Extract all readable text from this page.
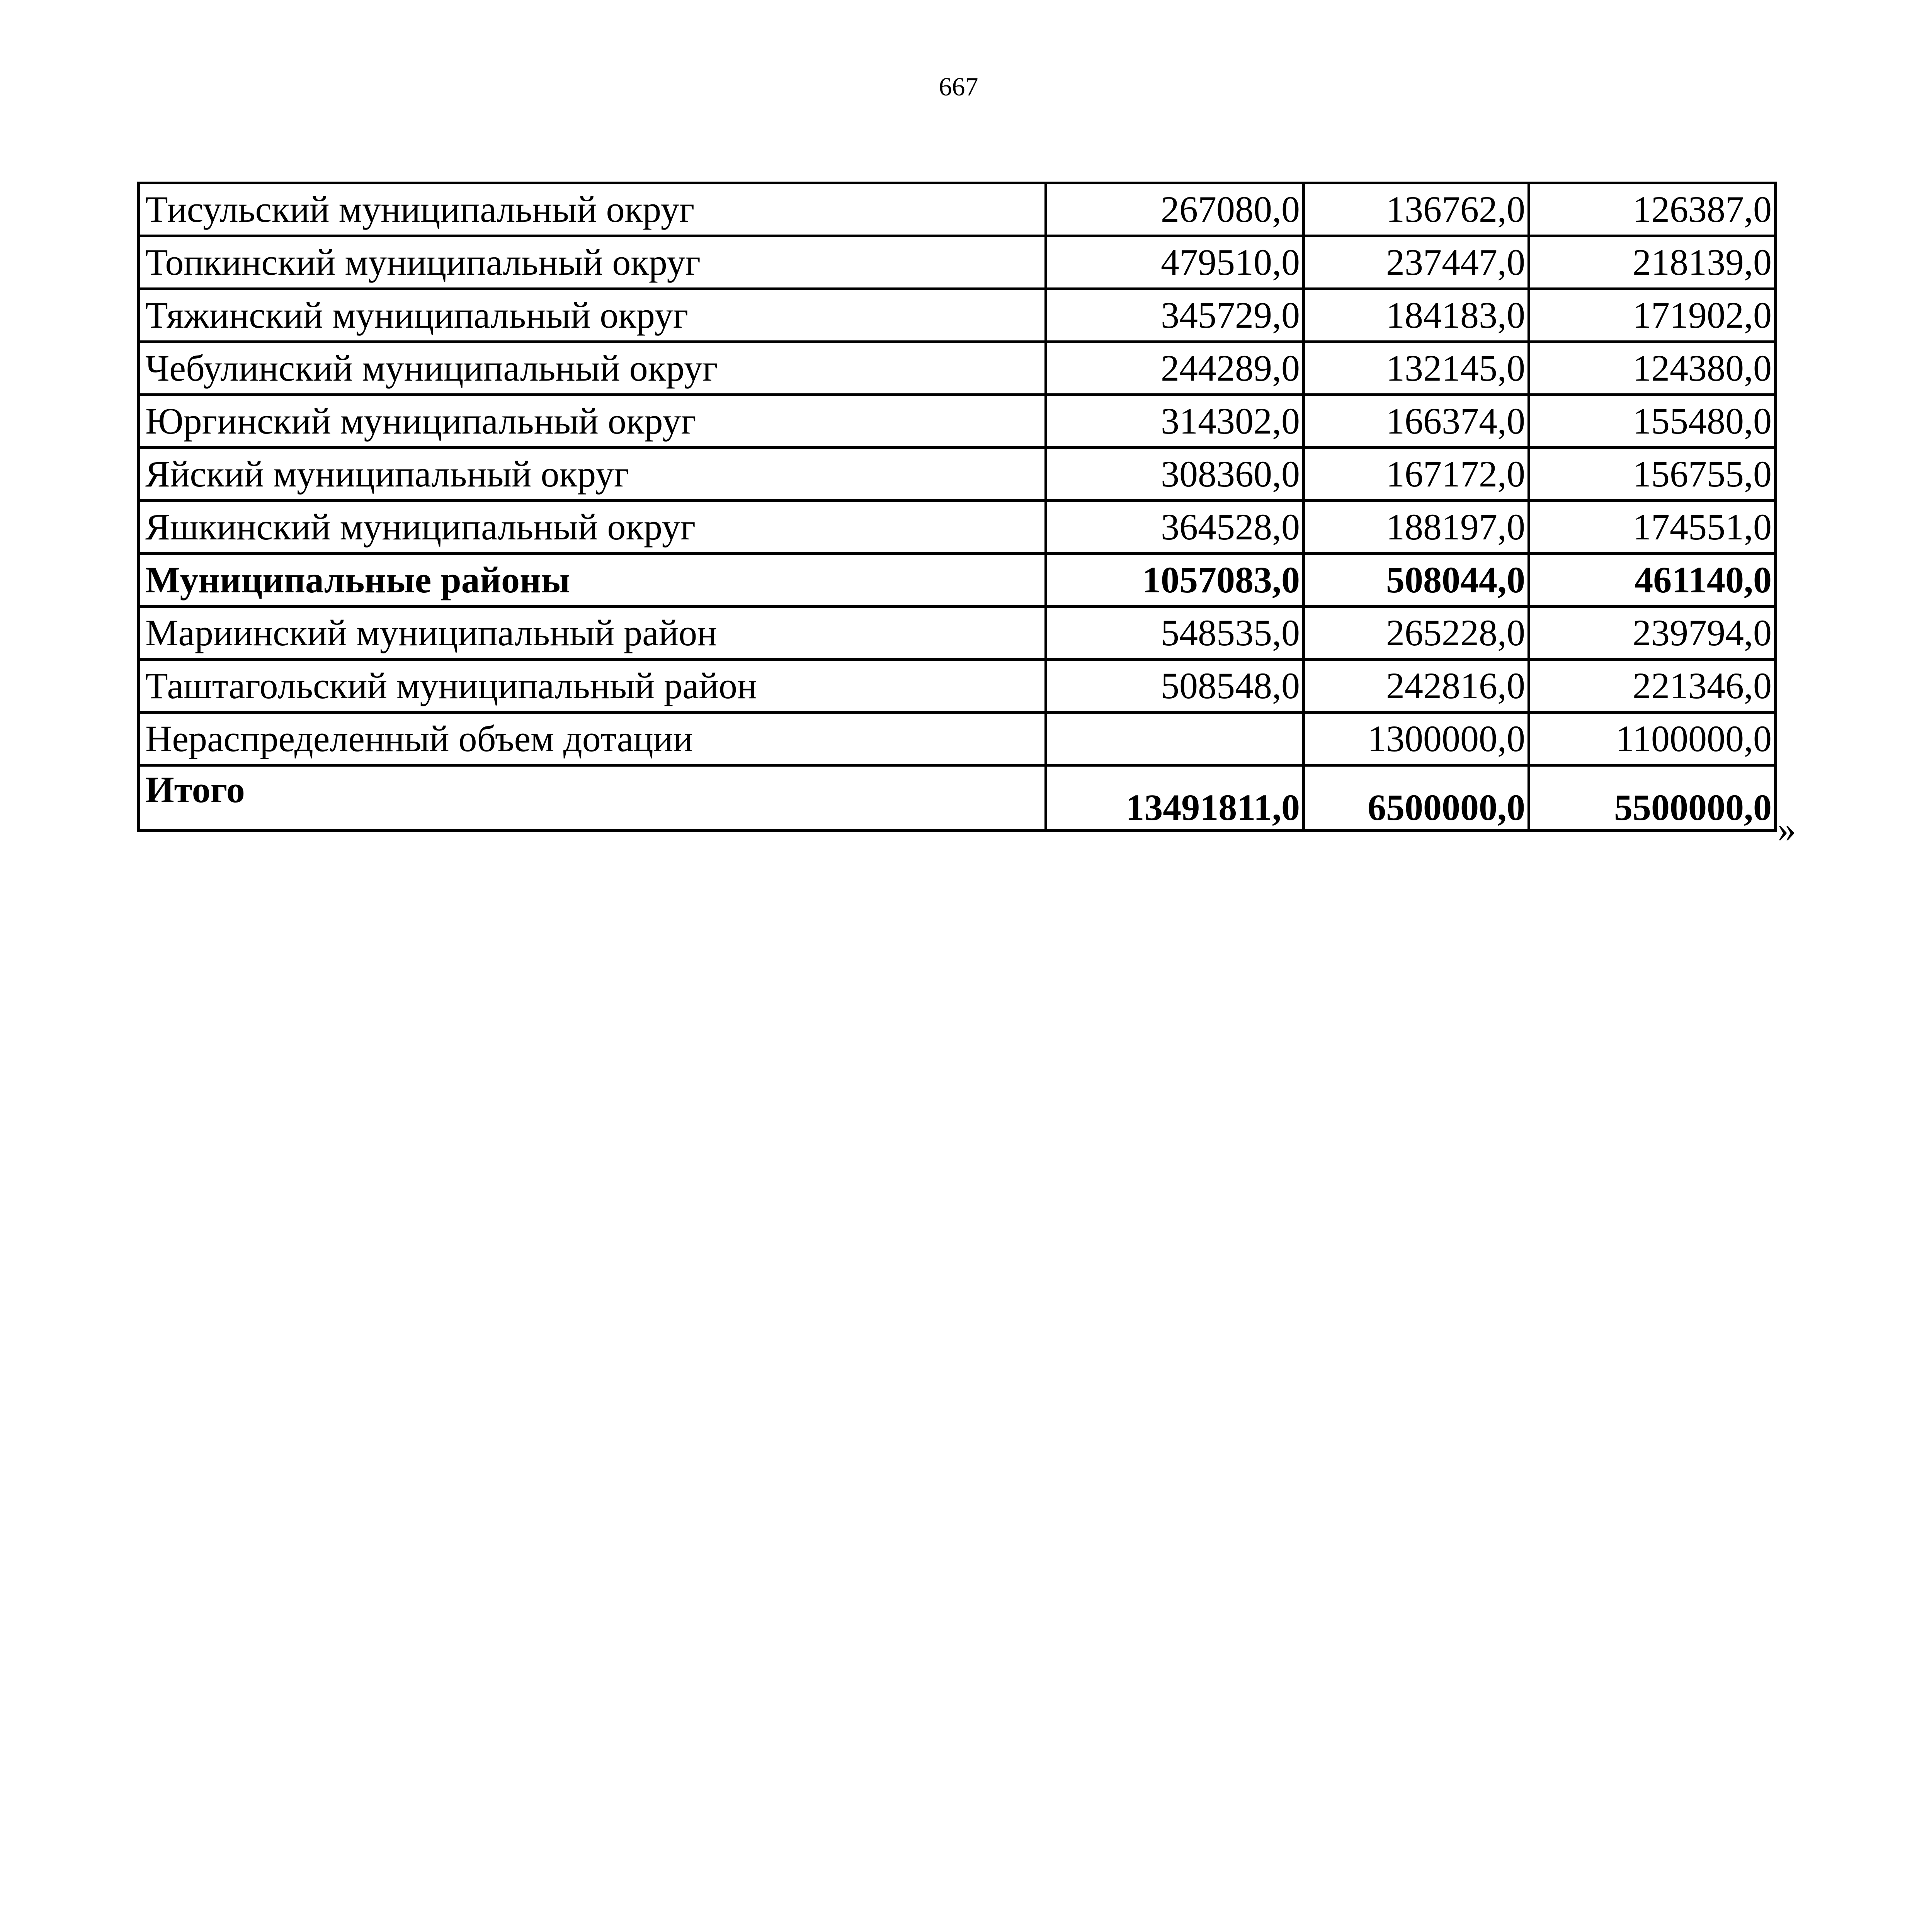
667
Тисульский муниципальный округ	267080,0	136762,0	126387,0
Топкинский муниципальный округ	479510,0	237447,0	218139,0
Тяжинский муниципальный округ	345729,0	184183,0	171902,0
Чебулинский муниципальный округ	244289,0	132145,0	124380,0
Юргинский муниципальный округ	314302,0	166374,0	155480,0
Яйский муниципальный округ	308360,0	167172,0	156755,0
Яшкинский муниципальный округ	364528,0	188197,0	174551,0
Муниципальные районы	1057083,0	508044,0	461140,0
Мариинский муниципальный район	548535,0	265228,0	239794,0
Таштагольский муниципальный район	508548,0	242816,0	221346,0
Нераспределенный объем дотации		1300000,0	1100000,0
Итого	13491811,0	6500000,0	5500000,0
»
